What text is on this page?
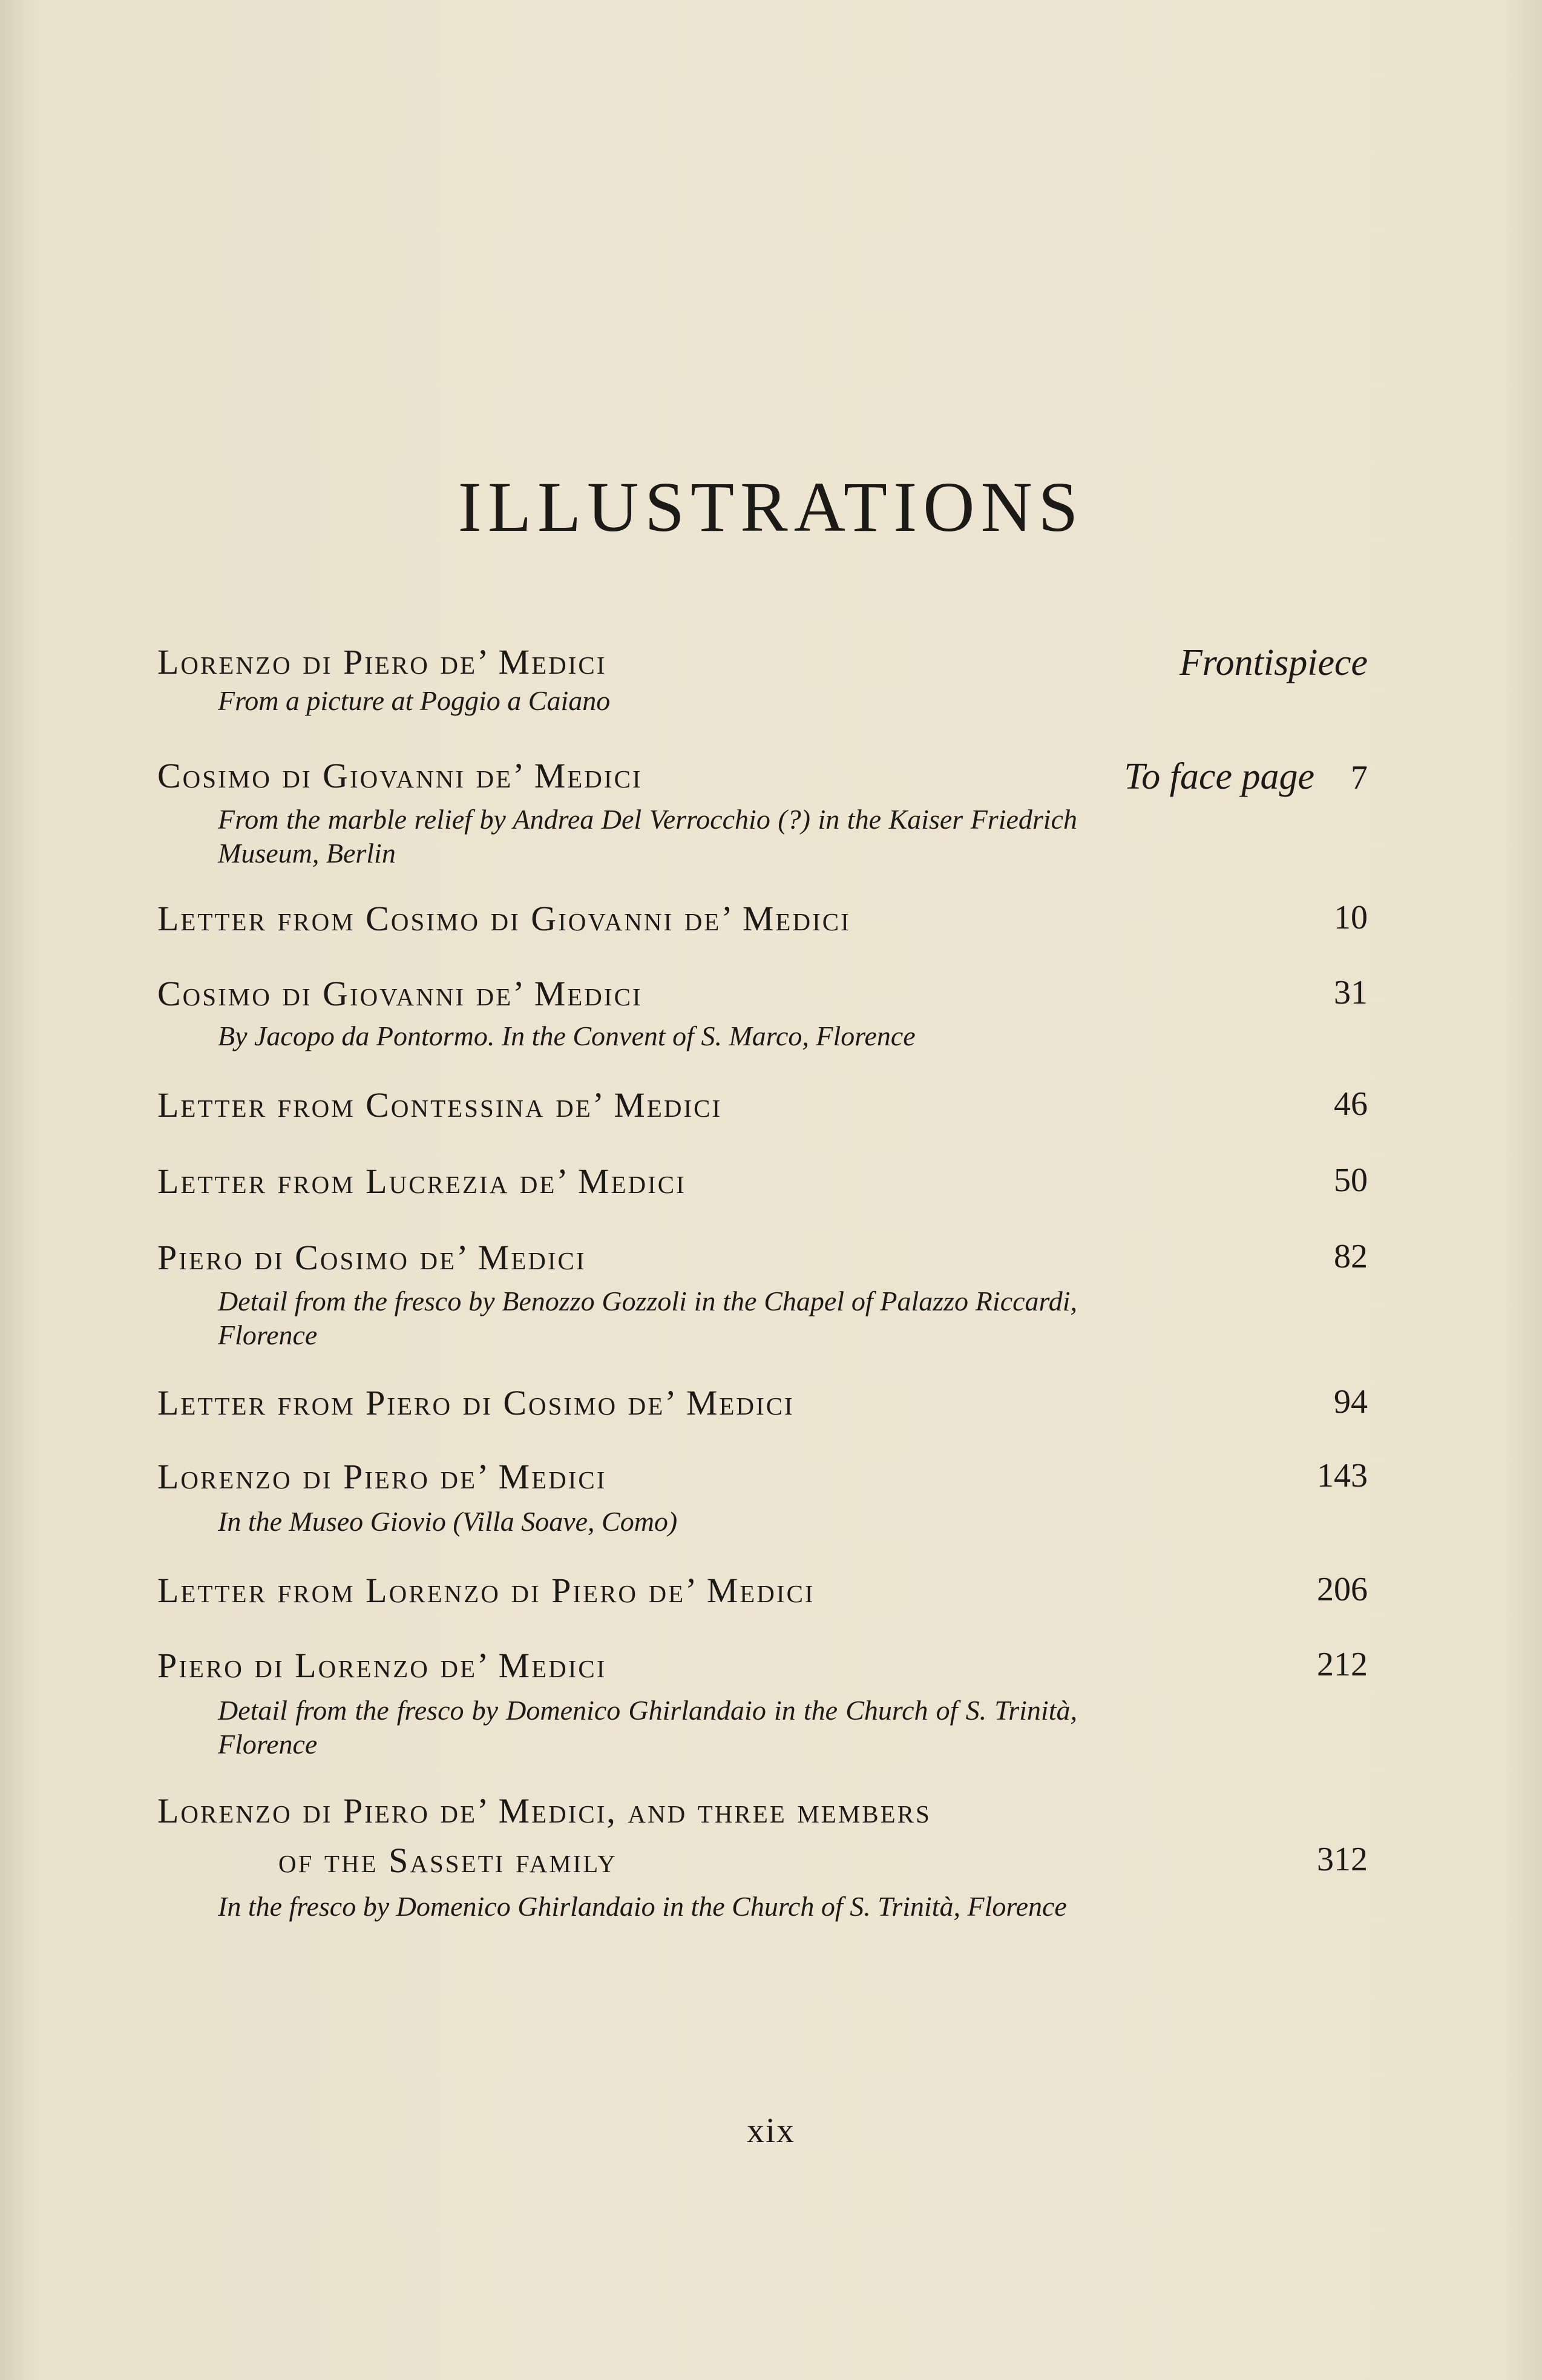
ILLUSTRATIONS
Lorenzo di Piero de’ Medici	Frontispiece
From a picture at Poggio a Caiano
Cosimo di Giovanni de’ Medici	To face page 7
From the marble relief by Andrea Del Verrocchio (?) in the Kaiser Friedrich Museum, Berlin
Letter from Cosimo di Giovanni de’ Medici	10
Cosimo di Giovanni de’ Medici	31
By Jacopo da Pontormo. In the Convent of S. Marco, Florence
Letter from Contessina de’ Medici	46
Letter from Lucrezia de’ Medici	50
Piero di Cosimo de’ Medici	82
Detail from the fresco by Benozzo Gozzoli in the Chapel of Palazzo Riccardi, Florence
Letter from Piero di Cosimo de’ Medici	94
Lorenzo di Piero de’ Medici	143
In the Museo Giovio (Villa Soave, Como)
Letter from Lorenzo di Piero de’ Medici	206
Piero di Lorenzo de’ Medici	212
Detail from the fresco by Domenico Ghirlandaio in the Church of S. Trinità, Florence
Lorenzo di Piero de’ Medici, and three members
of the Sasseti family	312
In the fresco by Domenico Ghirlandaio in the Church of S. Trinità, Florence
xix
